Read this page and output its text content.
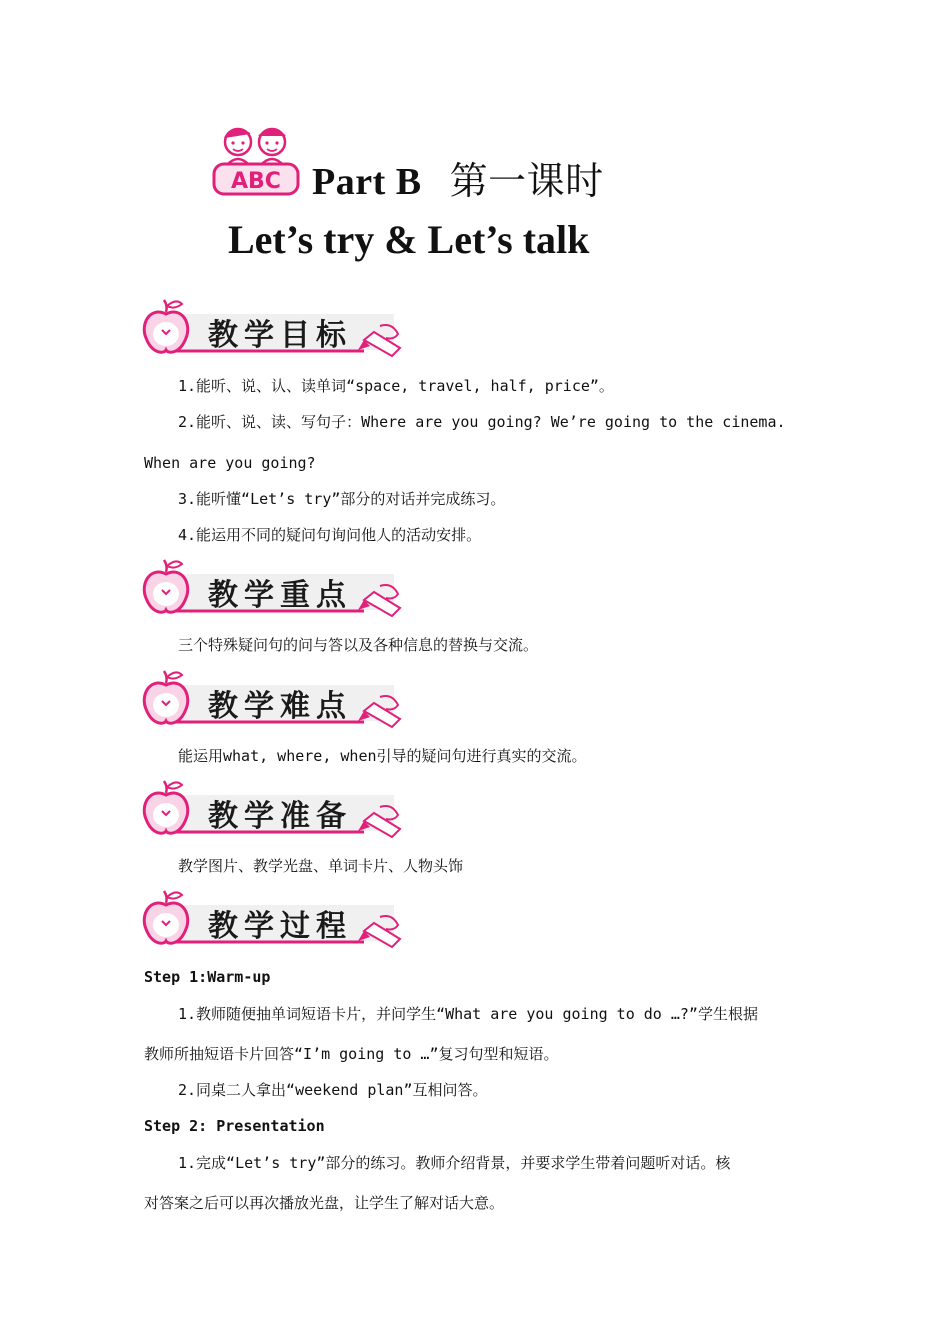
ABC Part B 第一课时
Let’s try & Let’s talk
教学目标
1.能听、说、认、读单词“space, travel, half, price”。
2.能听、说、读、写句子：Where are you going? We’re going to the cinema.
When are you going?
3.能听懂“Let’s try”部分的对话并完成练习。
4.能运用不同的疑问句询问他人的活动安排。
教学重点
三个特殊疑问句的问与答以及各种信息的替换与交流。
教学难点
能运用what, where, when引导的疑问句进行真实的交流。
教学准备
教学图片、教学光盘、单词卡片、人物头饰
教学过程
Step 1:Warm-up
1.教师随便抽单词短语卡片，并问学生“What are you going to do …?”学生根据
教师所抽短语卡片回答“I’m going to …”复习句型和短语。
2.同桌二人拿出“weekend plan”互相问答。
Step 2: Presentation
1.完成“Let’s try”部分的练习。教师介绍背景，并要求学生带着问题听对话。核
对答案之后可以再次播放光盘，让学生了解对话大意。
